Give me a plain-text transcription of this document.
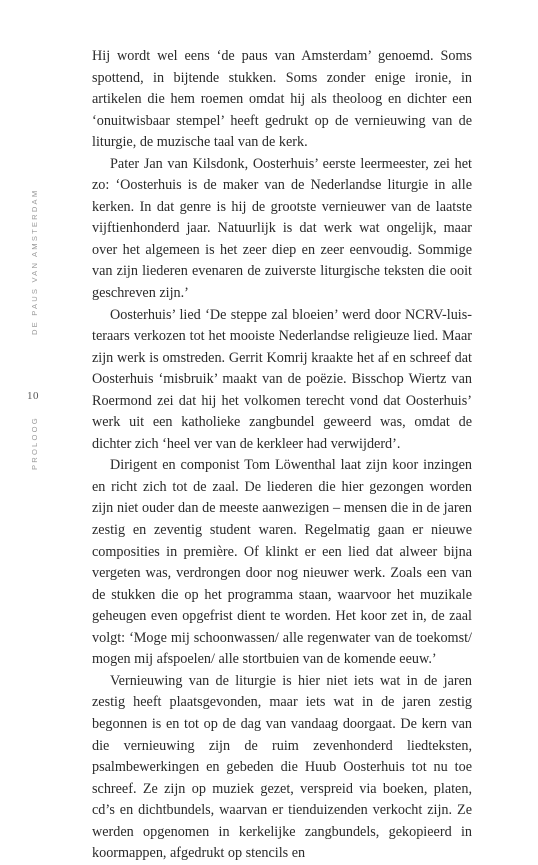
DE PAUS VAN AMSTERDAM
10
PROLOOG

Hij wordt wel eens ‘de paus van Amsterdam’ genoemd. Soms spottend, in bijtende stukken. Soms zonder enige ironie, in artikelen die hem roemen omdat hij als theoloog en dichter een ‘onuitwisbaar stempel’ heeft gedrukt op de vernieuwing van de liturgie, de muzische taal van de kerk.

Pater Jan van Kilsdonk, Oosterhuis’ eerste leermeester, zei het zo: ‘Oosterhuis is de maker van de Nederlandse liturgie in alle kerken. In dat genre is hij de grootste vernieuwer van de laatste vijftienhonderd jaar. Natuurlijk is dat werk wat ongelijk, maar over het algemeen is het zeer diep en zeer eenvoudig. Sommige van zijn liederen evenaren de zuiverste liturgische teksten die ooit geschreven zijn.’

Oosterhuis’ lied ‘De steppe zal bloeien’ werd door NCRV-luisteraars verkozen tot het mooiste Nederlandse religieuze lied. Maar zijn werk is omstreden. Gerrit Komrij kraakte het af en schreef dat Oosterhuis ‘misbruik’ maakt van de poëzie. Bisschop Wiertz van Roermond zei dat hij het volkomen terecht vond dat Oosterhuis’ werk uit een katholieke zangbundel geweerd was, omdat de dichter zich ‘heel ver van de kerkleer had verwijderd’.

Dirigent en componist Tom Löwenthal laat zijn koor inzingen en richt zich tot de zaal. De liederen die hier gezongen worden zijn niet ouder dan de meeste aanwezigen – mensen die in de jaren zestig en zeventig student waren. Regelmatig gaan er nieuwe composities in première. Of klinkt er een lied dat alweer bijna vergeten was, verdrongen door nog nieuwer werk. Zoals een van de stukken die op het programma staan, waarvoor het muzikale geheugen even opgefrist dient te worden. Het koor zet in, de zaal volgt: ‘Moge mij schoonwassen/ alle regenwater van de toekomst/ mogen mij afspoelen/ alle stortbuien van de komende eeuw.’

Vernieuwing van de liturgie is hier niet iets wat in de jaren zestig heeft plaatsgevonden, maar iets wat in de jaren zestig begonnen is en tot op de dag van vandaag doorgaat. De kern van die vernieuwing zijn de ruim zevenhonderd liedteksten, psalmbewerkingen en gebeden die Huub Oosterhuis tot nu toe schreef. Ze zijn op muziek gezet, verspreid via boeken, platen, cd’s en dichtbundels, waarvan er tienduizenden verkocht zijn. Ze werden opgenomen in kerkelijke zangbundels, gekopieerd in koormappen, afgedrukt op stencils en
